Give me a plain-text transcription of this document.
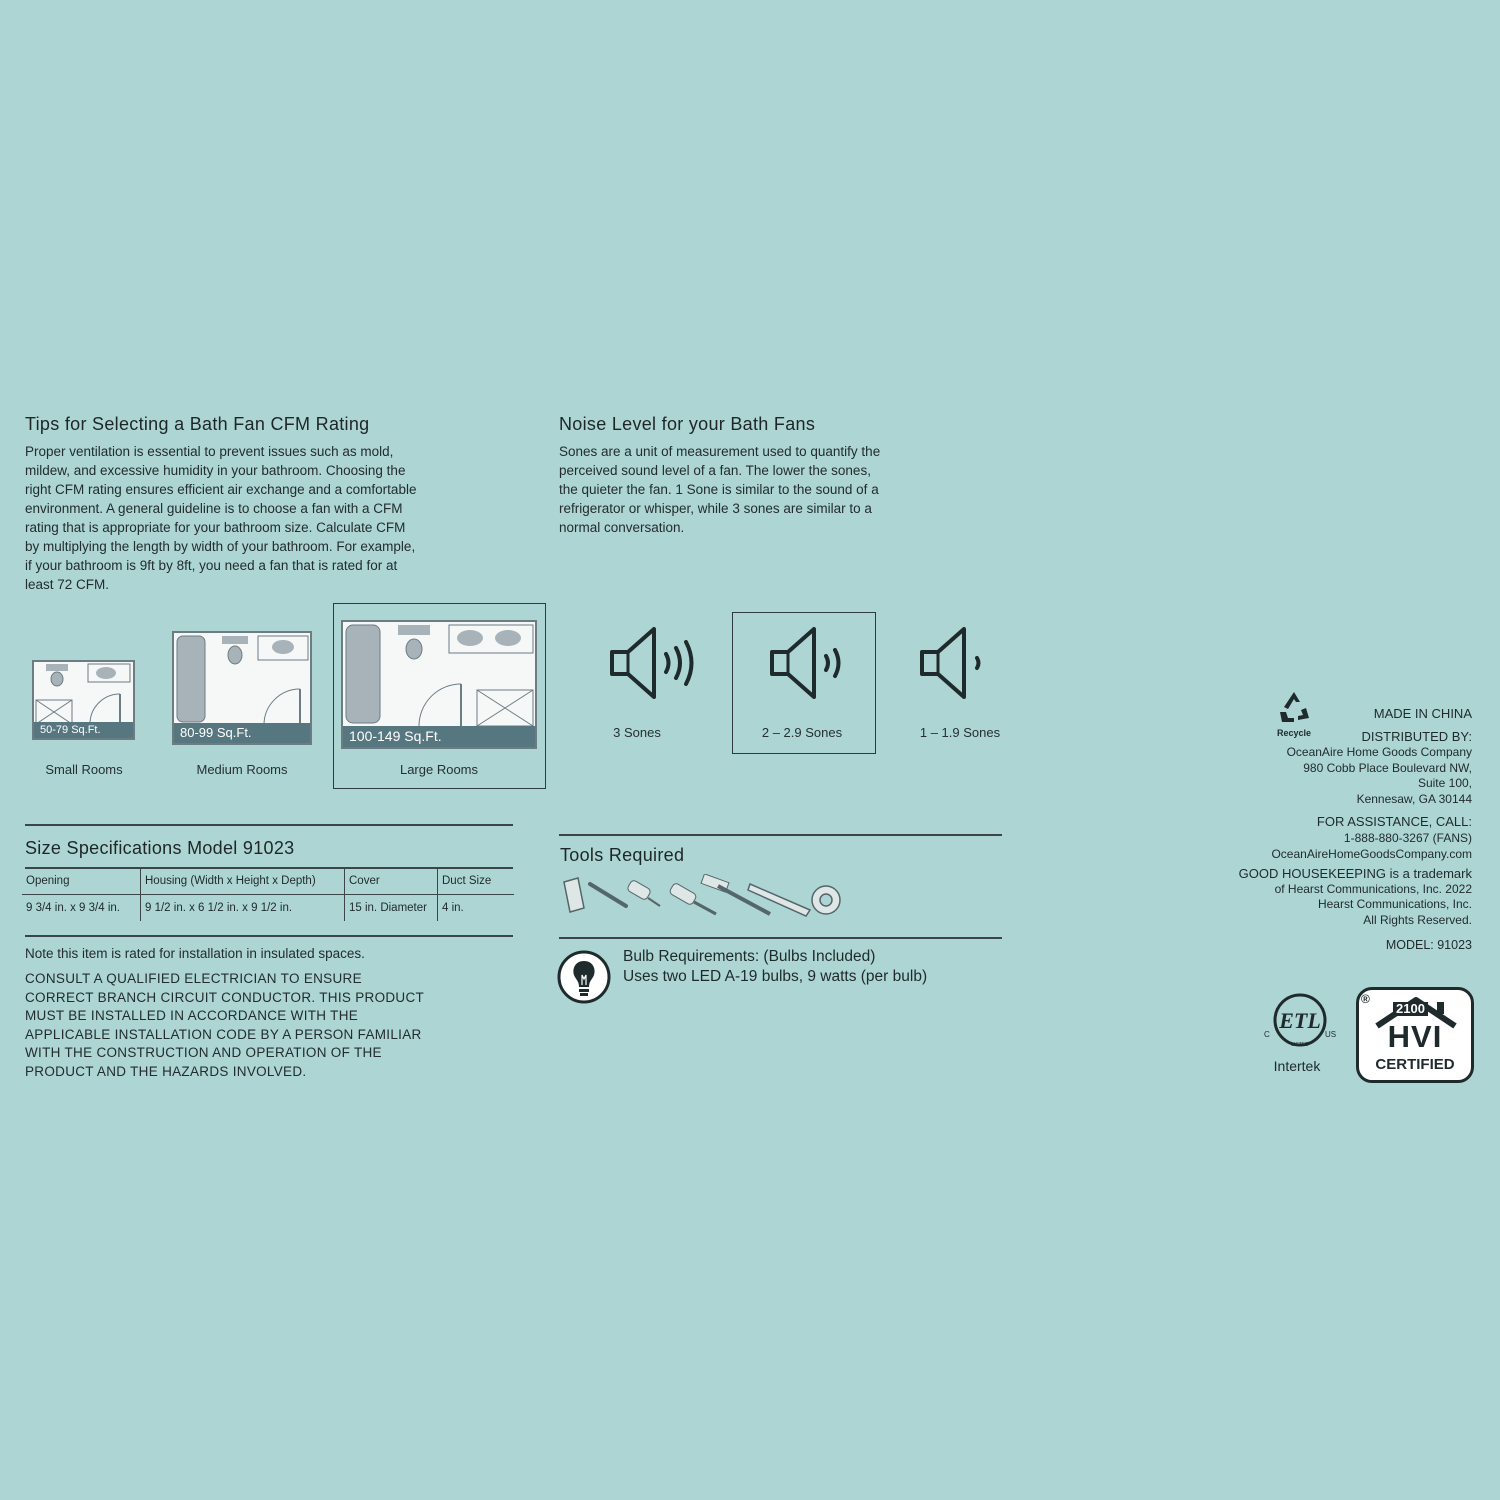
Tips for Selecting a Bath Fan CFM Rating
Proper ventilation is essential to prevent issues such as mold,
mildew, and excessive humidity in your bathroom. Choosing the
right CFM rating ensures efficient air exchange and a comfortable
environment. A general guideline is to choose a fan with a CFM
rating that is appropriate for your bathroom size. Calculate CFM
by multiplying the length by width of your bathroom. For example,
if your bathroom is 9ft by 8ft, you need a fan that is rated for at
least 72 CFM.
50-79 Sq.Ft.
Small Rooms
80-99 Sq.Ft.
Medium Rooms
100-149 Sq.Ft.
Large Rooms
Noise Level for your Bath Fans
Sones are a unit of measurement used to quantify the
perceived sound level of a fan. The lower the sones,
the quieter the fan. 1 Sone is similar to the sound of a
refrigerator or whisper, while 3 sones are similar to a
normal conversation.
3 Sones	2 – 2.9 Sones	1 – 1.9 Sones
Size Specifications Model 91023
Opening	Housing (Width x Height x Depth)	Cover	Duct Size
9 3/4 in. x 9 3/4 in.	9 1/2 in. x 6 1/2 in. x 9 1/2 in.	15 in. Diameter	4 in.
Note this item is rated for installation in insulated spaces.
CONSULT A QUALIFIED ELECTRICIAN TO ENSURE
CORRECT BRANCH CIRCUIT CONDUCTOR. THIS PRODUCT
MUST BE INSTALLED IN ACCORDANCE WITH THE
APPLICABLE INSTALLATION CODE BY A PERSON FAMILIAR
WITH THE CONSTRUCTION AND OPERATION OF THE
PRODUCT AND THE HAZARDS INVOLVED.
Tools Required
Bulb Requirements: (Bulbs Included)
Uses two LED A-19 bulbs, 9 watts (per bulb)
Recycle
MADE IN CHINA
DISTRIBUTED BY:
OceanAire Home Goods Company
980 Cobb Place Boulevard NW,
Suite 100,
Kennesaw, GA 30144
FOR ASSISTANCE, CALL:
1-888-880-3267 (FANS)
OceanAireHomeGoodsCompany.com
GOOD HOUSEKEEPING is a trademark
of Hearst Communications, Inc. 2022
Hearst Communications, Inc.
All Rights Reserved.
MODEL: 91023
ETL
C	US
LISTED
Intertek
®
2100
HVI
CERTIFIED
